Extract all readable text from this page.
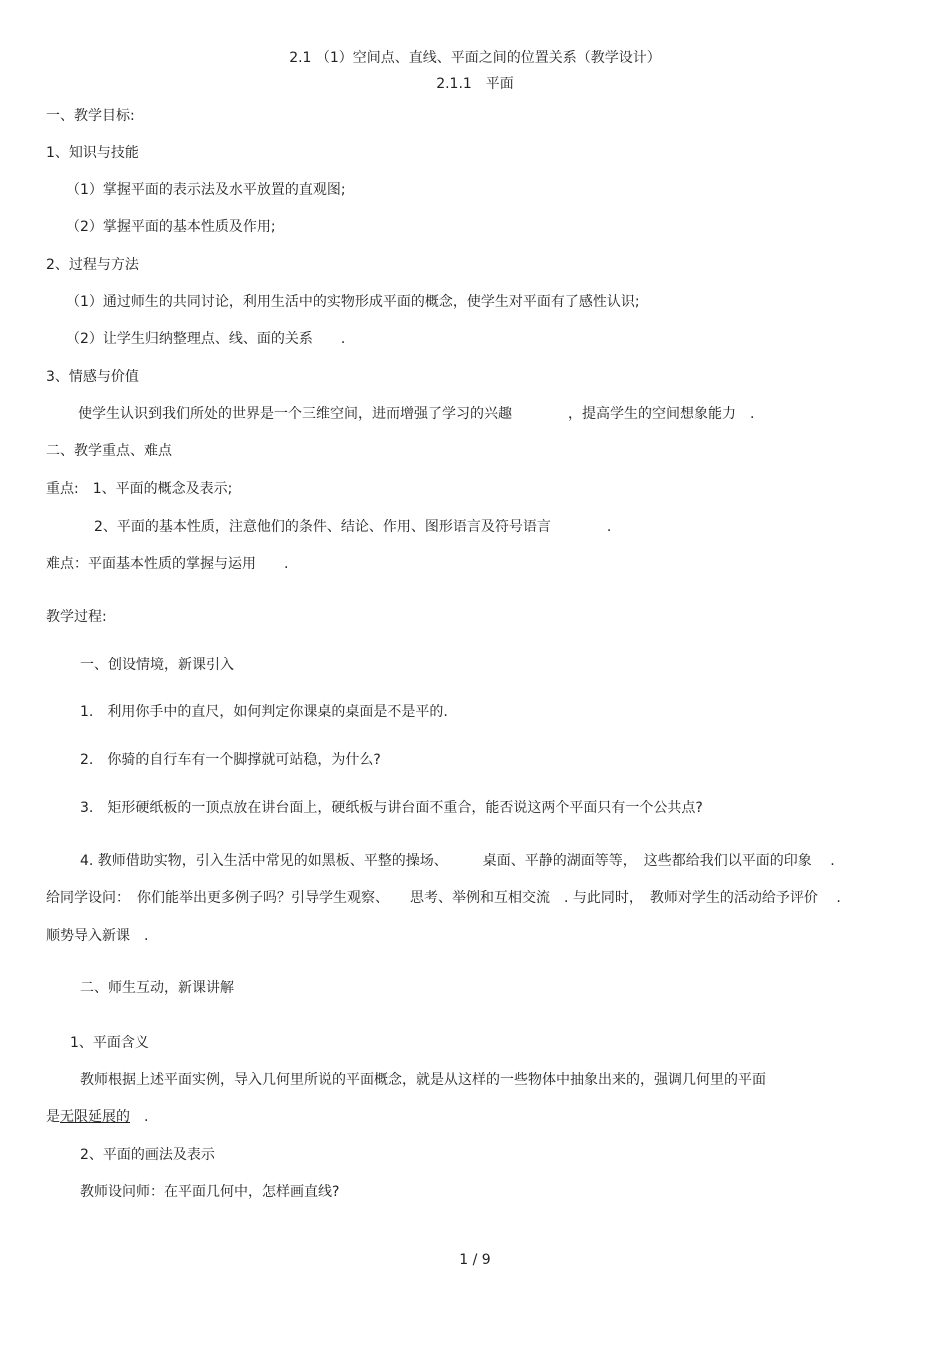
2.1 （1）空间点、直线、平面之间的位置关系（教学设计）
2.1.1　平面
一、教学目标:
1、知识与技能
（1）掌握平面的表示法及水平放置的直观图;
（2）掌握平面的基本性质及作用;
2、过程与方法
（1）通过师生的共同讨论，利用生活中的实物形成平面的概念，使学生对平面有了感性认识;
（2）让学生归纳整理点、线、面的关系　　.
3、情感与价值
使学生认识到我们所处的世界是一个三维空间，进而增强了学习的兴趣　　　　，提高学生的空间想象能力　.
二、教学重点、难点
重点:　1、平面的概念及表示;
2、平面的基本性质，注意他们的条件、结论、作用、图形语言及符号语言　　　　.
难点：平面基本性质的掌握与运用　　.
教学过程:
一、创设情境，新课引入
1.　利用你手中的直尺，如何判定你课桌的桌面是不是平的.
2.　你骑的自行车有一个脚撑就可站稳，为什么?
3.　矩形硬纸板的一顶点放在讲台面上，硬纸板与讲台面不重合，能否说这两个平面只有一个公共点?
4. 教师借助实物，引入生活中常见的如黑板、平整的操场、　　　桌面、平静的湖面等等，　这些都给我们以平面的印象　 .
给同学设问：　你们能举出更多例子吗？引导学生观察、　　思考、举例和互相交流　. 与此同时，　教师对学生的活动给予评价　 .
顺势导入新课　.
二、师生互动，新课讲解
1、平面含义
教师根据上述平面实例，导入几何里所说的平面概念，就是从这样的一些物体中抽象出来的，强调几何里的平面
是无限延展的　.
2、平面的画法及表示
教师设问师：在平面几何中，怎样画直线?
1 / 9
